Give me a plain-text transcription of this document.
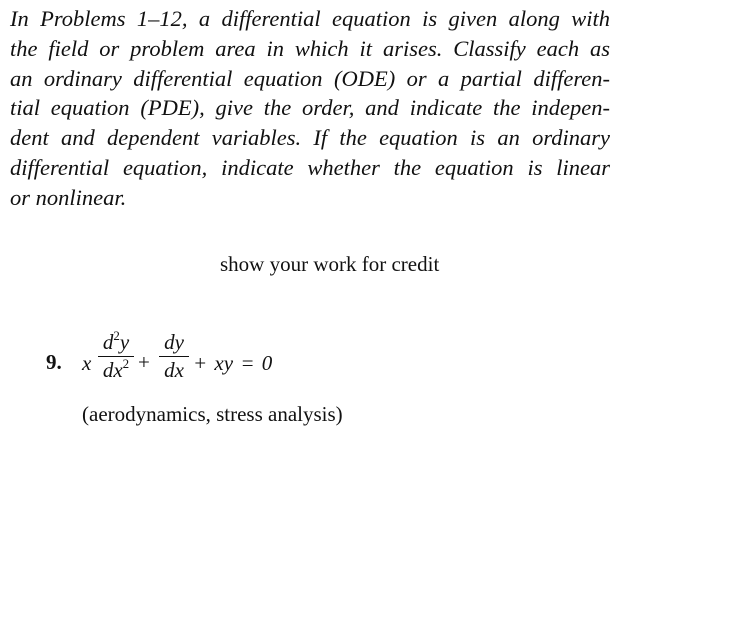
In Problems 1–12, a differential equation is given along with
the field or problem area in which it arises. Classify each as
an ordinary differential equation (ODE) or a partial differen-
tial equation (PDE), give the order, and indicate the indepen-
dent and dependent variables. If the equation is an ordinary
differential equation, indicate whether the equation is linear
or nonlinear.
show your work for credit
9. x
$d^2y$
$dx^2$ +
dy
dx + xy = 0
(aerodynamics, stress analysis)
